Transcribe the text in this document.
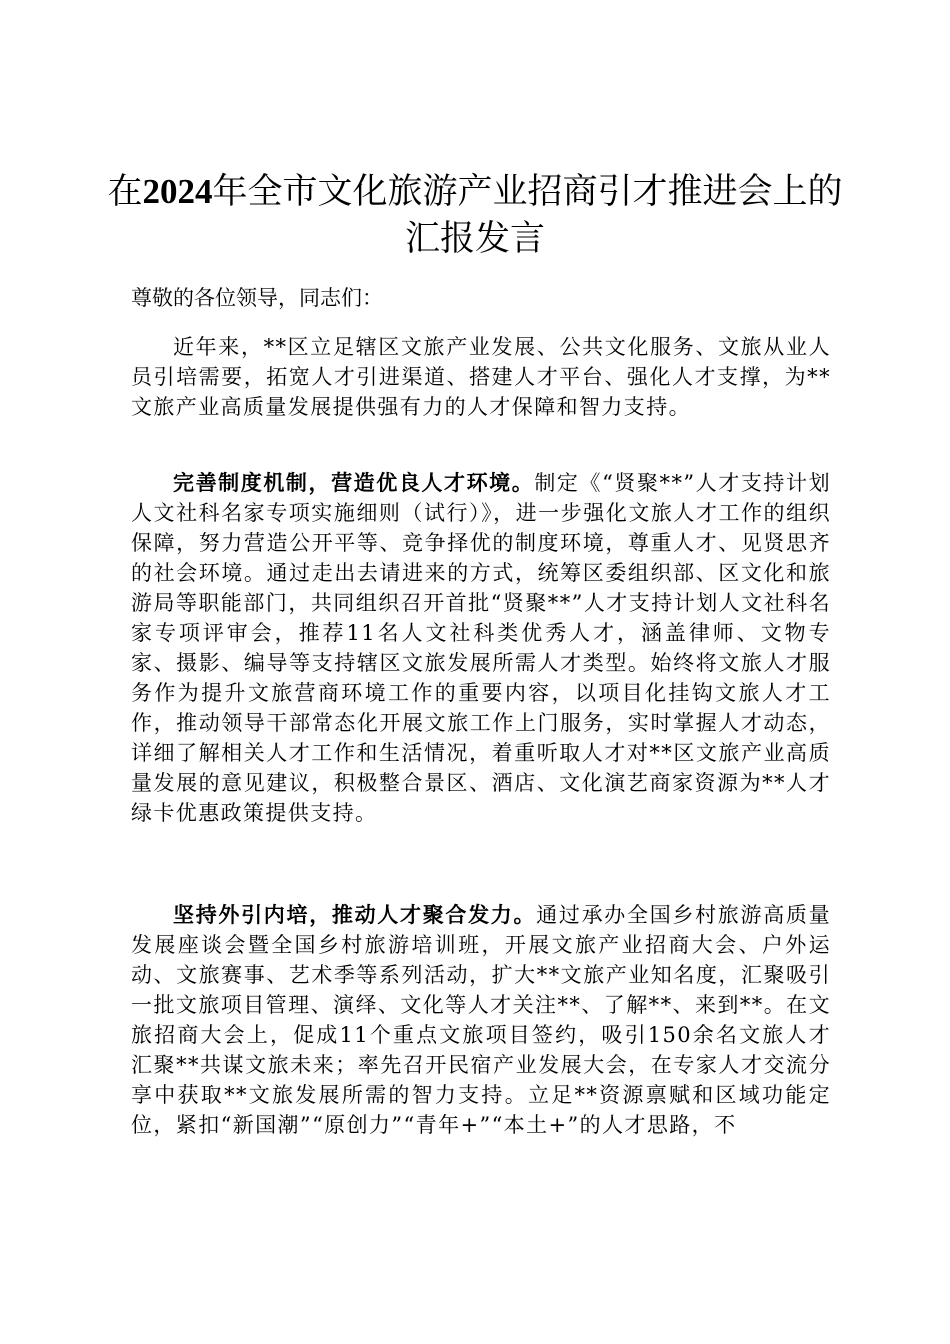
在2024年全市文化旅游产业招商引才推进会上的汇报发言

尊敬的各位领导，同志们：

近年来，**区立足辖区文旅产业发展、公共文化服务、文旅从业人员引培需要，拓宽人才引进渠道、搭建人才平台、强化人才支撑，为**文旅产业高质量发展提供强有力的人才保障和智力支持。

完善制度机制，营造优良人才环境。制定《“贤聚**”人才支持计划人文社科名家专项实施细则（试行）》，进一步强化文旅人才工作的组织保障，努力营造公开平等、竞争择优的制度环境，尊重人才、见贤思齐的社会环境。通过走出去请进来的方式，统筹区委组织部、区文化和旅游局等职能部门，共同组织召开首批“贤聚**”人才支持计划人文社科名家专项评审会，推荐11名人文社科类优秀人才，涵盖律师、文物专家、摄影、编导等支持辖区文旅发展所需人才类型。始终将文旅人才服务作为提升文旅营商环境工作的重要内容，以项目化挂钩文旅人才工作，推动领导干部常态化开展文旅工作上门服务，实时掌握人才动态，详细了解相关人才工作和生活情况，着重听取人才对**区文旅产业高质量发展的意见建议，积极整合景区、酒店、文化演艺商家资源为**人才绿卡优惠政策提供支持。

坚持外引内培，推动人才聚合发力。通过承办全国乡村旅游高质量发展座谈会暨全国乡村旅游培训班，开展文旅产业招商大会、户外运动、文旅赛事、艺术季等系列活动，扩大**文旅产业知名度，汇聚吸引一批文旅项目管理、演绎、文化等人才关注**、了解**、来到**。在文旅招商大会上，促成11个重点文旅项目签约，吸引150余名文旅人才汇聚**共谋文旅未来；率先召开民宿产业发展大会，在专家人才交流分享中获取**文旅发展所需的智力支持。立足**资源禀赋和区域功能定位，紧扣“新国潮”“原创力”“青年+”“本土+”的人才思路，不
